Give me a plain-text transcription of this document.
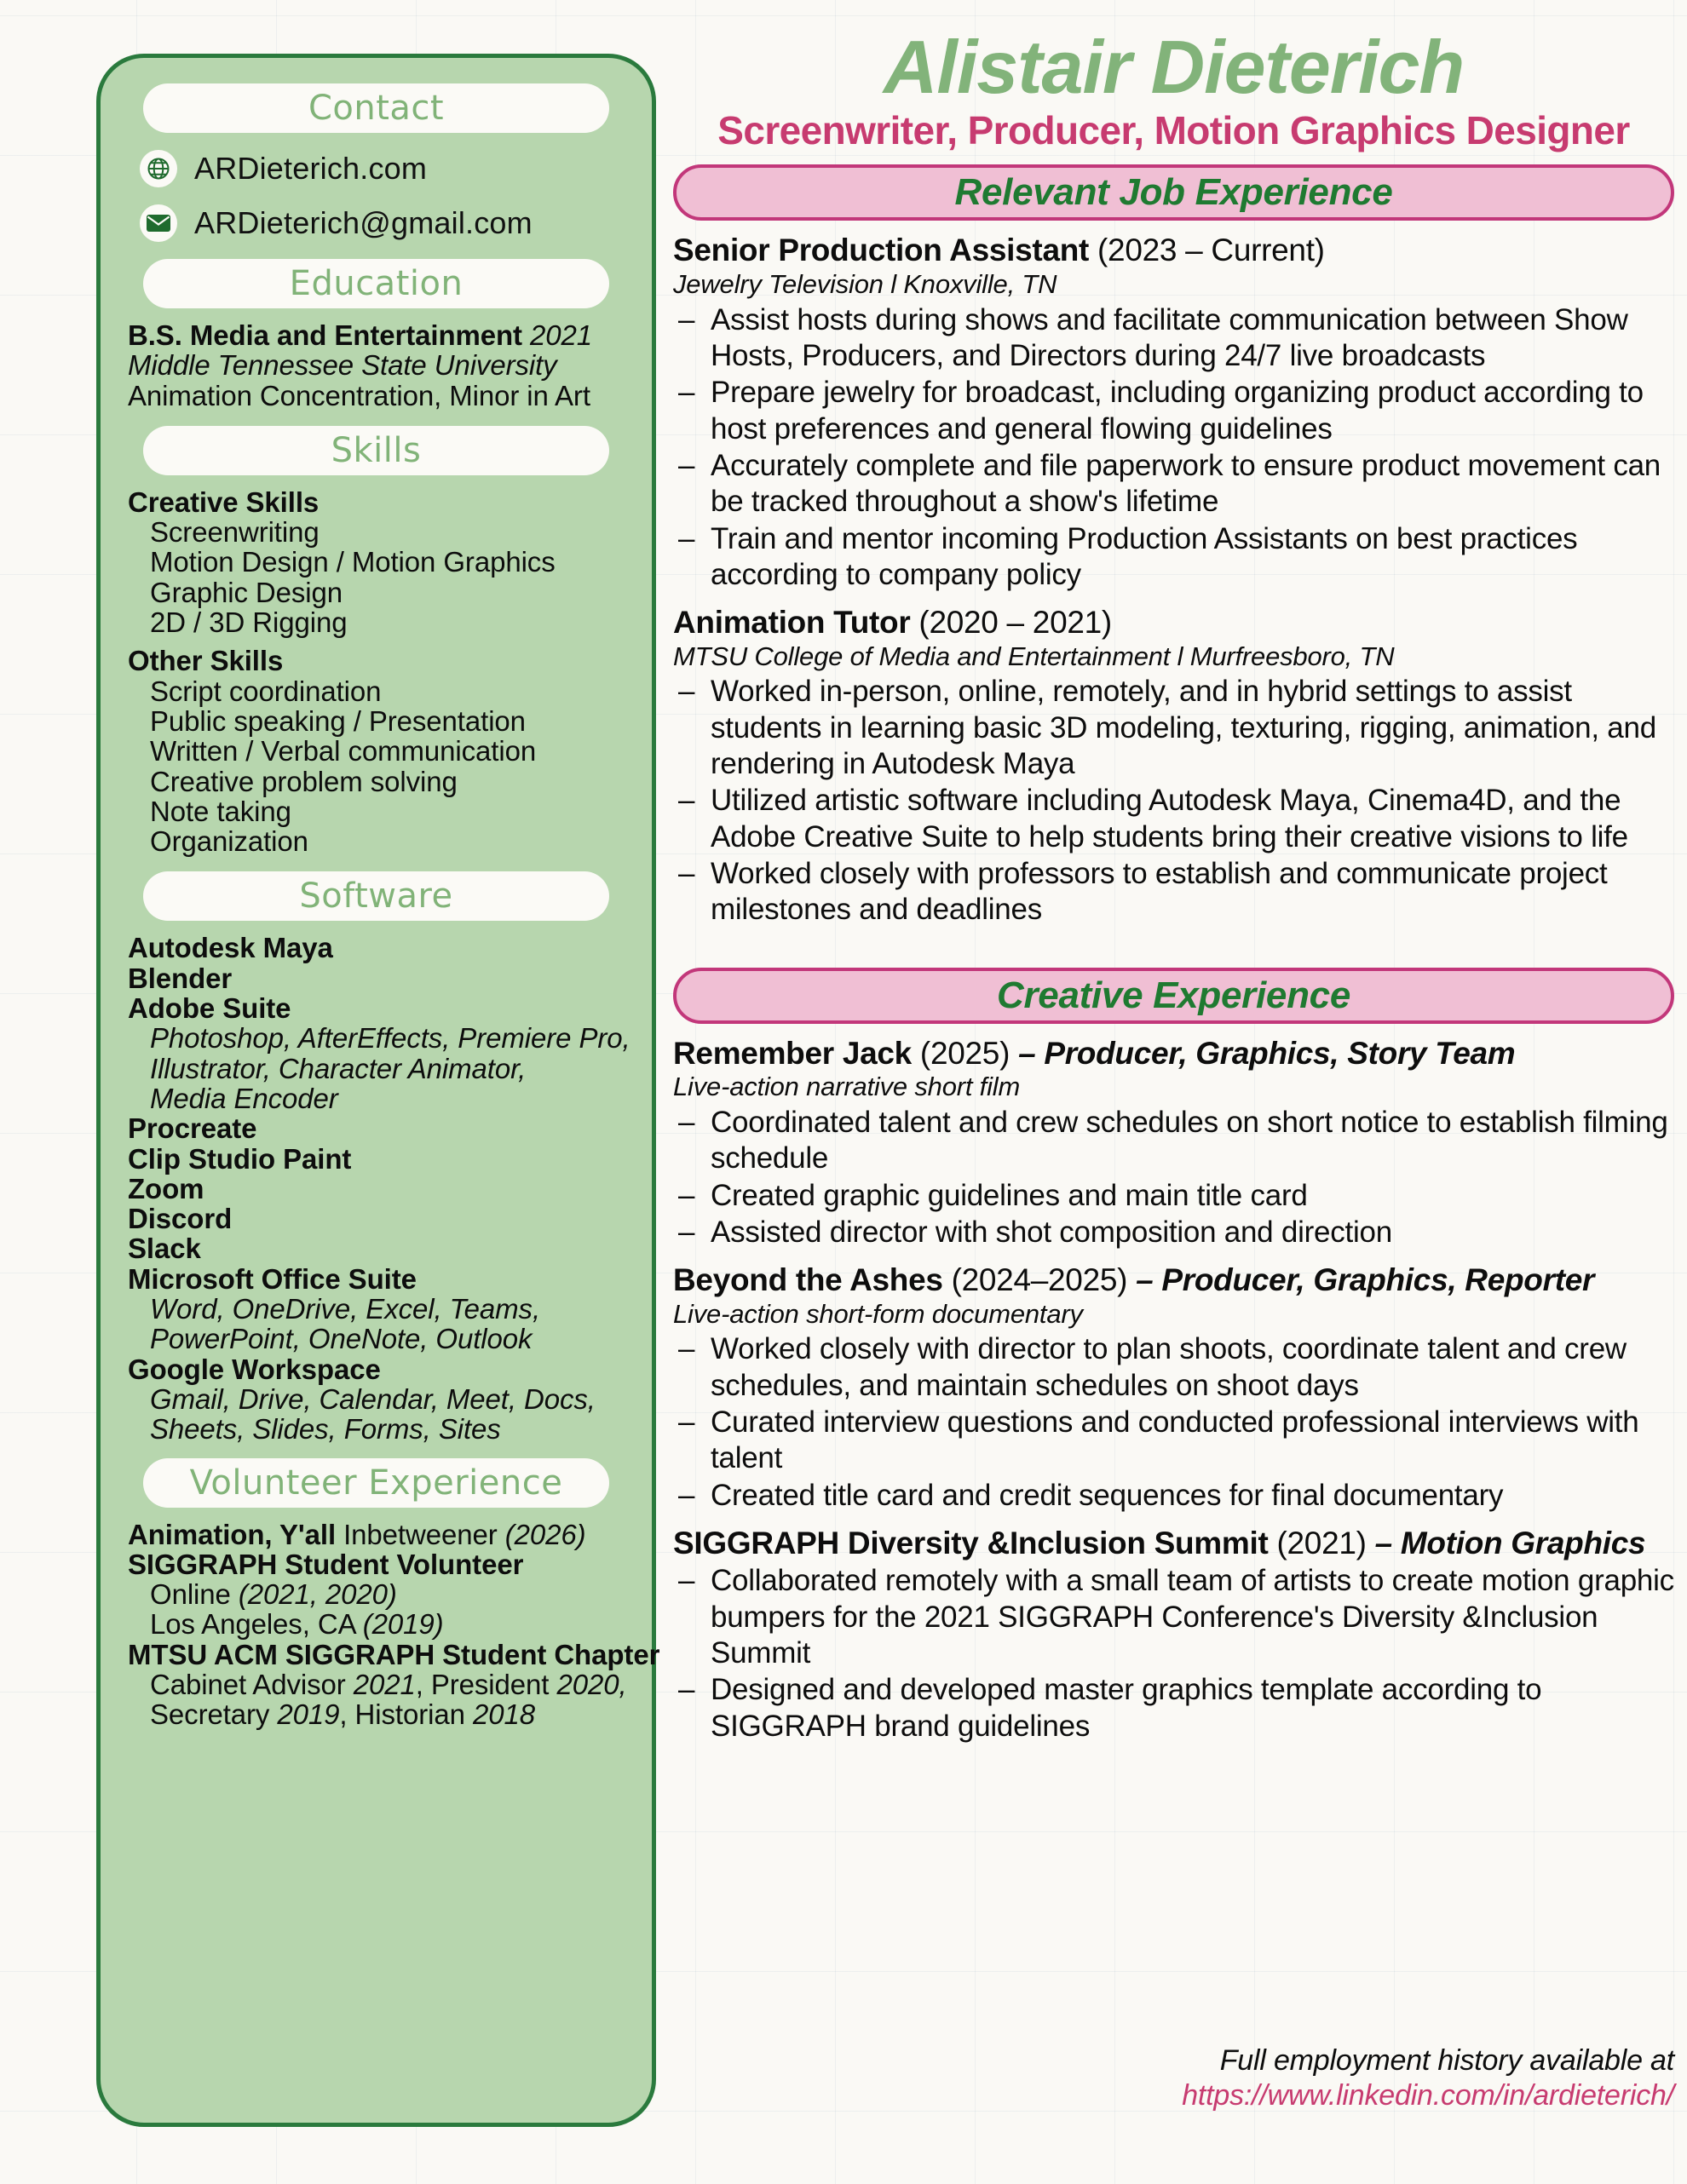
Contact
ARDieterich.com
ARDieterich@gmail.com
Education
B.S. Media and Entertainment 2021
Middle Tennessee State University
Animation Concentration, Minor in Art
Skills
Creative Skills
Screenwriting
Motion Design / Motion Graphics
Graphic Design
2D / 3D Rigging
Other Skills
Script coordination
Public speaking / Presentation
Written / Verbal communication
Creative problem solving
Note taking
Organization
Software
Autodesk Maya
Blender
Adobe Suite
Photoshop, AfterEffects, Premiere Pro,
Illustrator, Character Animator,
Media Encoder
Procreate
Clip Studio Paint
Zoom
Discord
Slack
Microsoft Office Suite
Word, OneDrive, Excel, Teams,
PowerPoint, OneNote, Outlook
Google Workspace
Gmail, Drive, Calendar, Meet, Docs,
Sheets, Slides, Forms, Sites
Volunteer Experience
Animation, Y'all Inbetweener (2026)
SIGGRAPH Student Volunteer
Online (2021, 2020)
Los Angeles, CA (2019)
MTSU ACM SIGGRAPH Student Chapter
Cabinet Advisor 2021, President 2020,
Secretary 2019, Historian 2018
Alistair Dieterich
Screenwriter, Producer, Motion Graphics Designer
Relevant Job Experience
Senior Production Assistant (2023 – Current)
Jewelry Television l Knoxville, TN
– Assist hosts during shows and facilitate communication between Show Hosts, Producers, and Directors during 24/7 live broadcasts
– Prepare jewelry for broadcast, including organizing product according to host preferences and general flowing guidelines
– Accurately complete and file paperwork to ensure product movement can be tracked throughout a show's lifetime
– Train and mentor incoming Production Assistants on best practices according to company policy
Animation Tutor (2020 – 2021)
MTSU College of Media and Entertainment l Murfreesboro, TN
– Worked in-person, online, remotely, and in hybrid settings to assist students in learning basic 3D modeling, texturing, rigging, animation, and rendering in Autodesk Maya
– Utilized artistic software including Autodesk Maya, Cinema4D, and the Adobe Creative Suite to help students bring their creative visions to life
– Worked closely with professors to establish and communicate project milestones and deadlines
Creative Experience
Remember Jack (2025) – Producer, Graphics, Story Team
Live-action narrative short film
– Coordinated talent and crew schedules on short notice to establish filming schedule
– Created graphic guidelines and main title card
– Assisted director with shot composition and direction
Beyond the Ashes (2024–2025) – Producer, Graphics, Reporter
Live-action short-form documentary
– Worked closely with director to plan shoots, coordinate talent and crew schedules, and maintain schedules on shoot days
– Curated interview questions and conducted professional interviews with talent
– Created title card and credit sequences for final documentary
SIGGRAPH Diversity &Inclusion Summit (2021) – Motion Graphics
– Collaborated remotely with a small team of artists to create motion graphic bumpers for the 2021 SIGGRAPH Conference's Diversity &Inclusion Summit
– Designed and developed master graphics template according to SIGGRAPH brand guidelines
Full employment history available at
https://www.linkedin.com/in/ardieterich/
